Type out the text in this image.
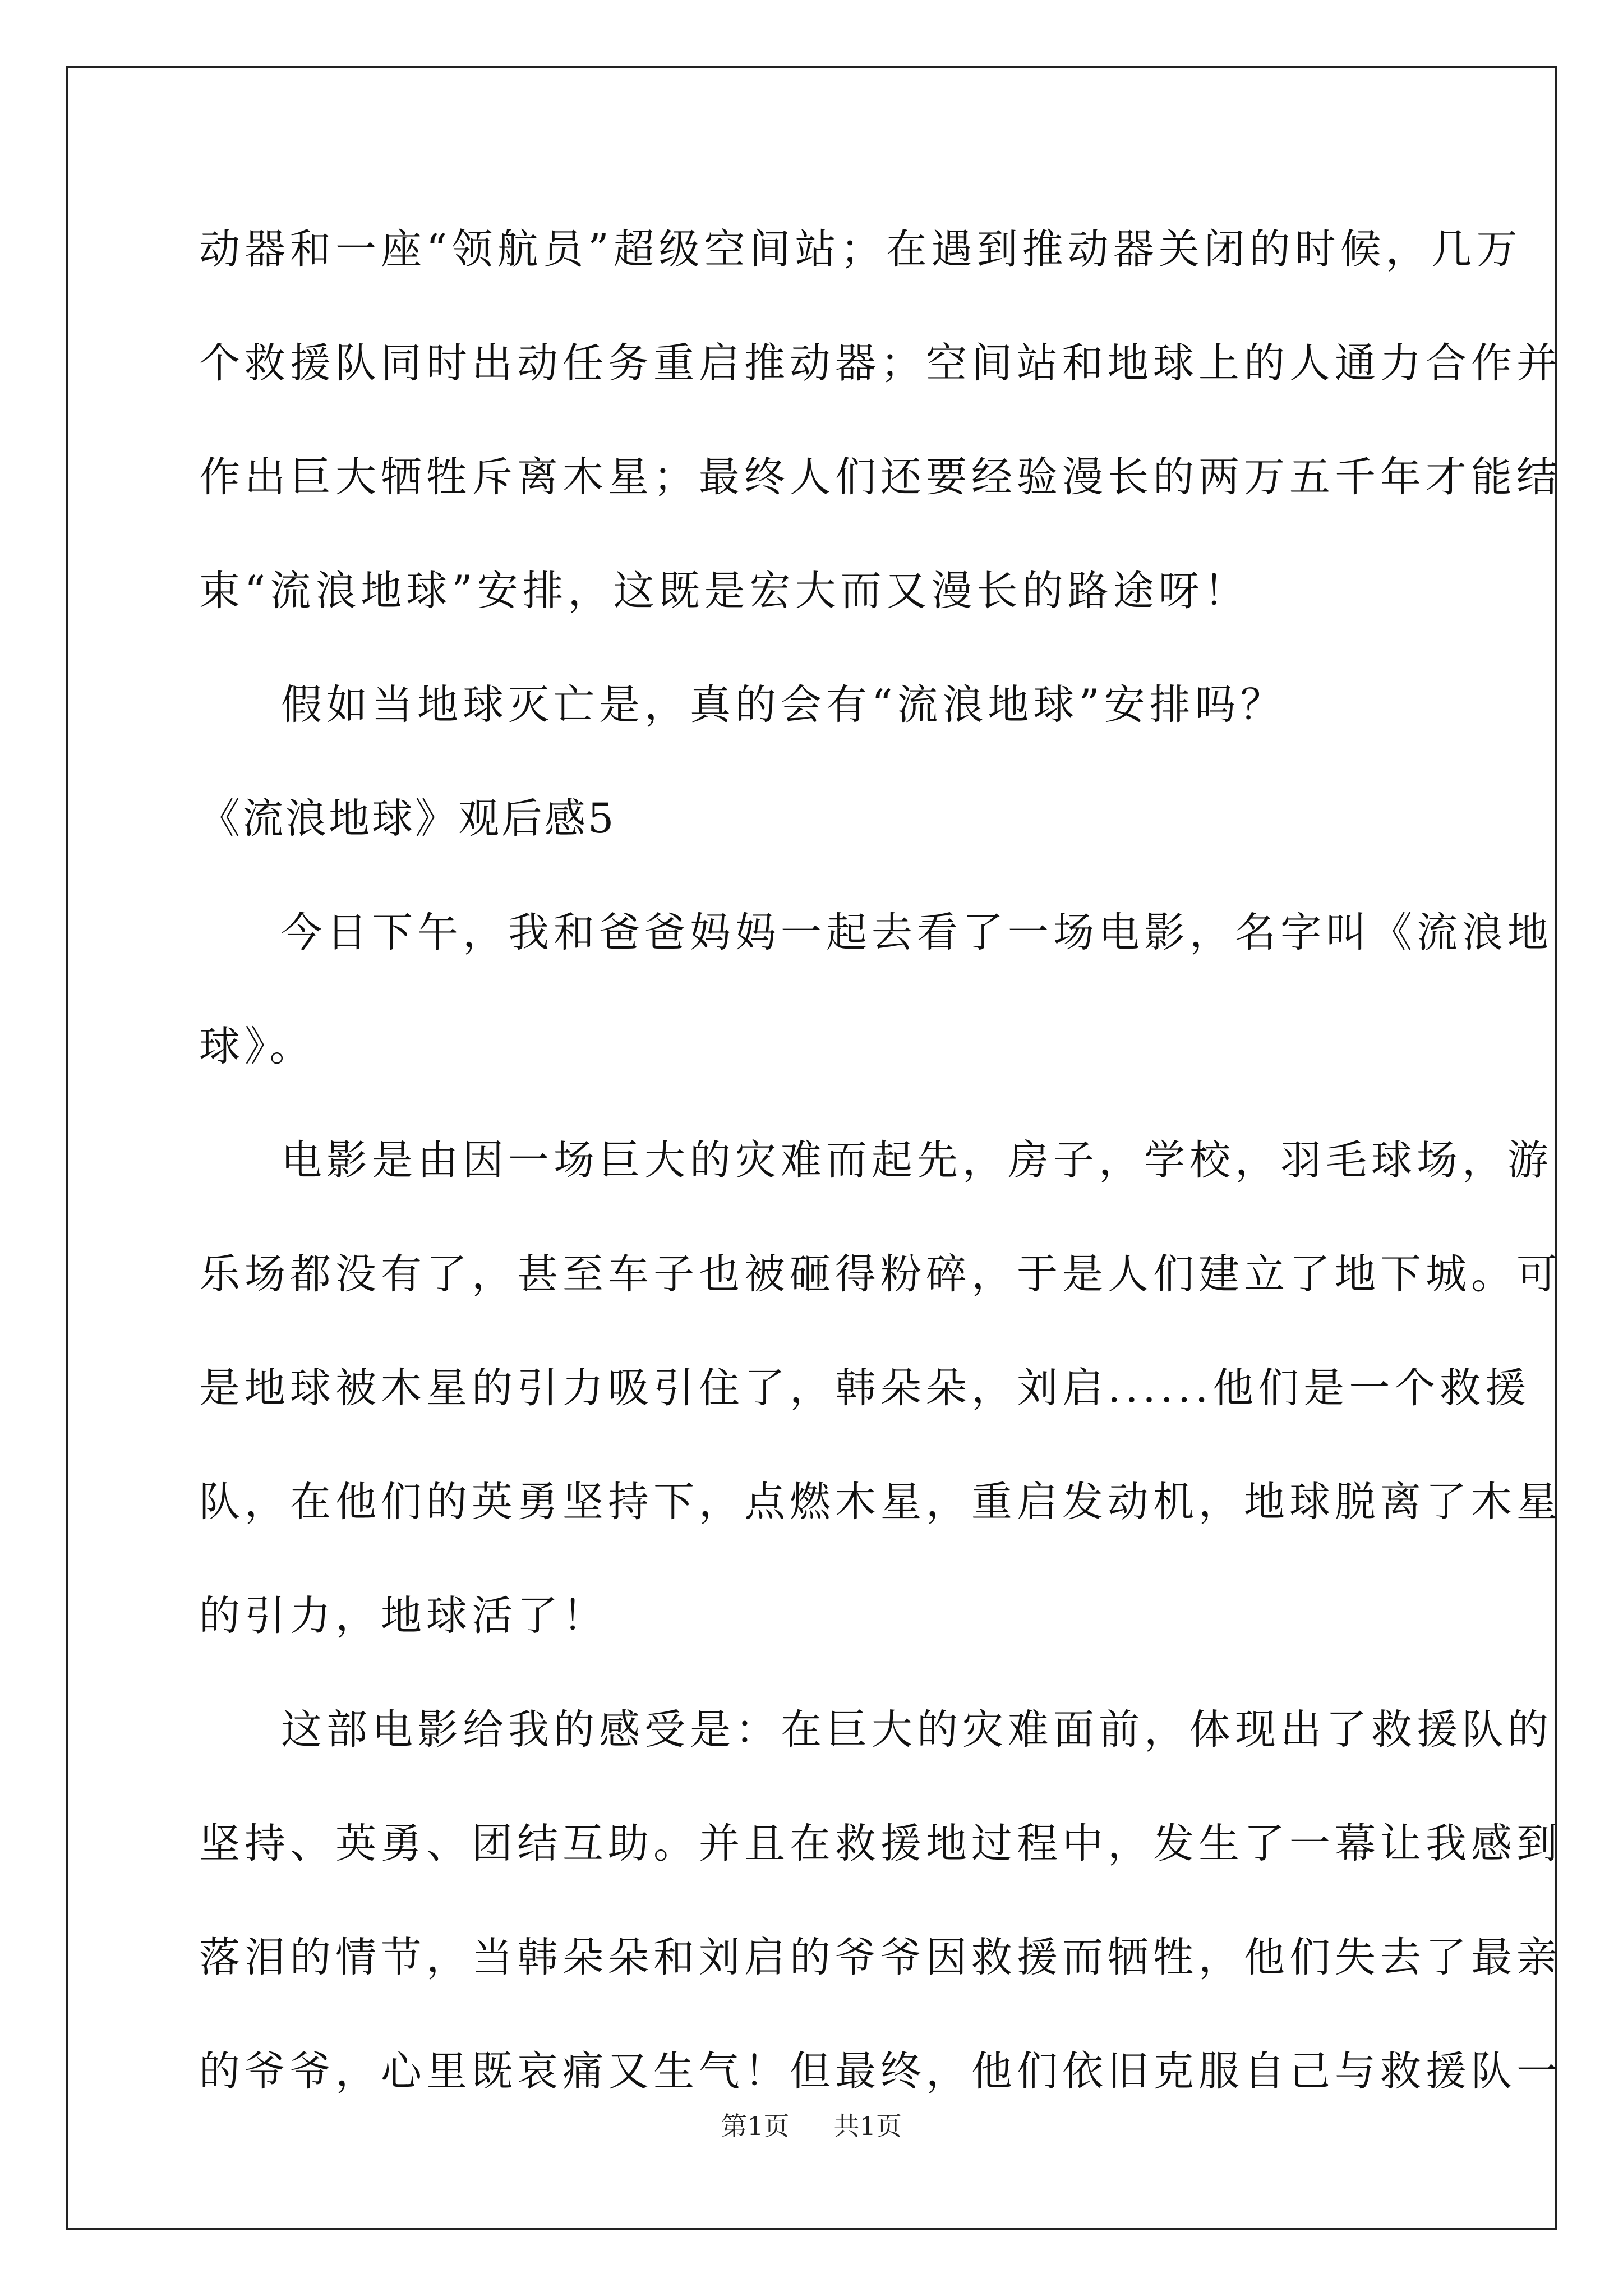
动器和一座“领航员”超级空间站；在遇到推动器关闭的时候，几万
个救援队同时出动任务重启推动器；空间站和地球上的人通力合作并
作出巨大牺牲斥离木星；最终人们还要经验漫长的两万五千年才能结
束“流浪地球”安排，这既是宏大而又漫长的路途呀！
假如当地球灭亡是，真的会有“流浪地球”安排吗？
《流浪地球》观后感5
今日下午，我和爸爸妈妈一起去看了一场电影，名字叫《流浪地
球》。
电影是由因一场巨大的灾难而起先，房子，学校，羽毛球场，游
乐场都没有了，甚至车子也被砸得粉碎，于是人们建立了地下城。可
是地球被木星的引力吸引住了，韩朵朵，刘启......他们是一个救援
队，在他们的英勇坚持下，点燃木星，重启发动机，地球脱离了木星
的引力，地球活了！
这部电影给我的感受是：在巨大的灾难面前，体现出了救援队的
坚持、英勇、团结互助。并且在救援地过程中，发生了一幕让我感到
落泪的情节，当韩朵朵和刘启的爷爷因救援而牺牲，他们失去了最亲
的爷爷，心里既哀痛又生气！但最终，他们依旧克服自己与救援队一
第1页 共1页
